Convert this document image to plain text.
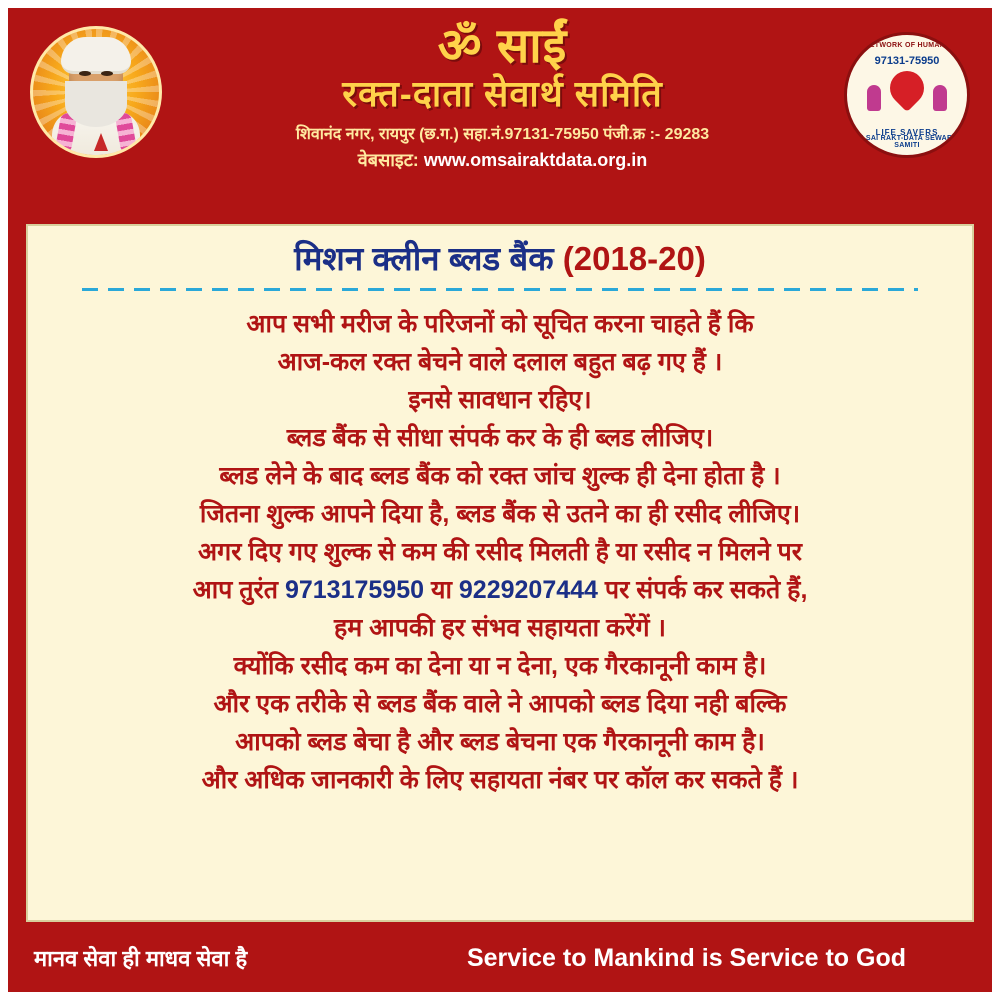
ॐ साईं
रक्त-दाता सेवार्थ समिति
शिवानंद नगर, रायपुर (छ.ग.) सहा.नं.97131-75950 पंजी.क्र :- 29283
वेबसाइट: www.omsairaktdata.org.in
A NETWORK OF HUMANITY
97131-75950
LIFE SAVERS
OM SAI RAKT-DATA SEWARTH SAMITI
मिशन क्लीन ब्लड बैंक (2018-20)
आप सभी मरीज के परिजनों को सूचित करना चाहते हैं कि
आज-कल रक्त बेचने वाले दलाल बहुत बढ़ गए हैं ।
इनसे सावधान रहिए।
ब्लड बैंक से सीधा संपर्क कर के ही ब्लड लीजिए।
ब्लड लेने के बाद ब्लड बैंक को रक्त जांच शुल्क ही देना होता है ।
जितना शुल्क आपने दिया है, ब्लड बैंक से उतने का ही रसीद लीजिए।
अगर दिए गए शुल्क से कम की रसीद मिलती है या रसीद न मिलने पर
आप तुरंत 9713175950 या 9229207444 पर संपर्क कर सकते हैं,
हम आपकी हर संभव सहायता करेंगें ।
क्योंकि रसीद कम का देना या न देना, एक गैरकानूनी काम है।
और एक तरीके से ब्लड बैंक वाले ने आपको ब्लड दिया नही बल्कि
आपको ब्लड बेचा है और ब्लड बेचना एक गैरकानूनी काम है।
और अधिक जानकारी के लिए सहायता नंबर पर कॉल कर सकते हैं ।
मानव सेवा ही माधव सेवा है	Service to Mankind is Service to God
